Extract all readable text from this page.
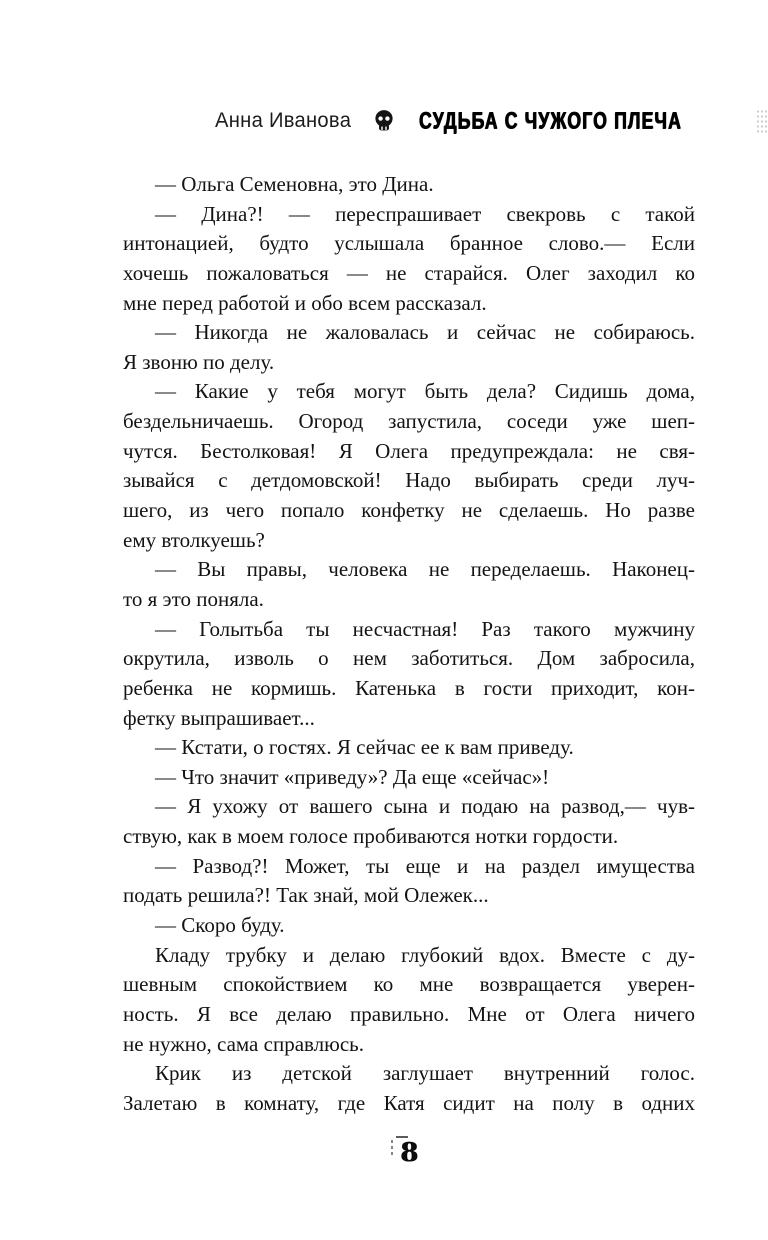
Анна Иванова	СУДЬБА С ЧУЖОГО ПЛЕЧА
— Ольга Семеновна, это Дина.
— Дина?! — переспрашивает свекровь с такой
интонацией, будто услышала бранное слово.— Если
хочешь пожаловаться — не старайся. Олег заходил ко
мне перед работой и обо всем рассказал.
— Никогда не жаловалась и сейчас не собираюсь.
Я звоню по делу.
— Какие у тебя могут быть дела? Сидишь дома,
бездельничаешь. Огород запустила, соседи уже шеп-
чутся. Бестолковая! Я Олега предупреждала: не свя-
зывайся с детдомовской! Надо выбирать среди луч-
шего, из чего попало конфетку не сделаешь. Но разве
ему втолкуешь?
— Вы правы, человека не переделаешь. Наконец-
то я это поняла.
— Голытьба ты несчастная! Раз такого мужчину
окрутила, изволь о нем заботиться. Дом забросила,
ребенка не кормишь. Катенька в гости приходит, кон-
фетку выпрашивает...
— Кстати, о гостях. Я сейчас ее к вам приведу.
— Что значит «приведу»? Да еще «сейчас»!
— Я ухожу от вашего сына и подаю на развод,— чув-
ствую, как в моем голосе пробиваются нотки гордости.
— Развод?! Может, ты еще и на раздел имущества
подать решила?! Так знай, мой Олежек...
— Скоро буду.
Кладу трубку и делаю глубокий вдох. Вместе с ду-
шевным спокойствием ко мне возвращается уверен-
ность. Я все делаю правильно. Мне от Олега ничего
не нужно, сама справлюсь.
Крик из детской заглушает внутренний голос.
Залетаю в комнату, где Катя сидит на полу в одних
8
